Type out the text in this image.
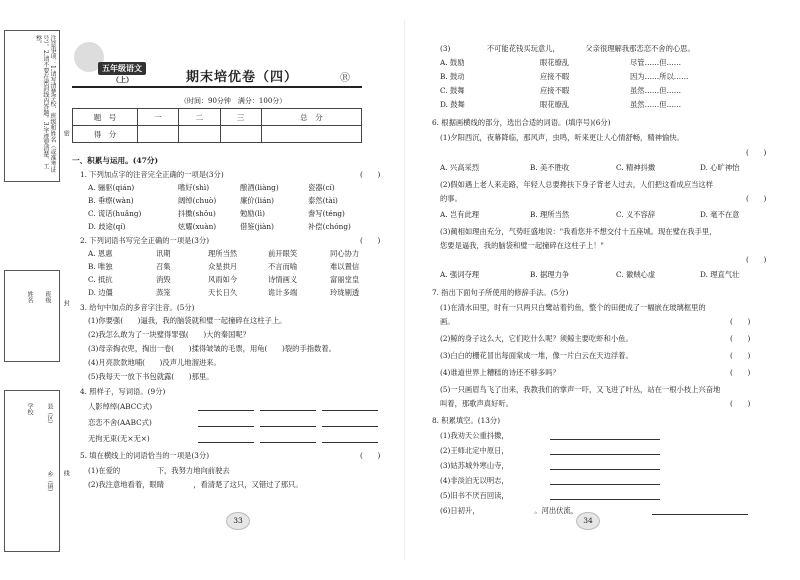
注意事项：1.请写清楚学校、班级和姓名（或准考证号）。2.请不要在密封线内答题。3.字迹要清楚、工整。
密
封
线
班级
姓名
县（区）
乡（镇）
学校
五年级语文
（上）	期末培优卷（四）	Ⓡ
（时间：90分钟　满分：100分）
题　号	一	二	三	总　分
得　分				
一、积累与运用。(47分)
1. 下列加点字的注音完全正确的一项是(3分)	(　　)
A. 骊驱(qián)	嗜好(shì)	酿酒(liàng)	瓷器(cí)
B. 垂瘵(wàn)	阔绰(chuò)	廉价(lián)	泰然(tài)
C. 谎话(huǎng)	抖擞(shǒu)	勉励(lì)	誊写(téng)
D. 歧途(qí)	炫耀(xuàn)	借鉴(jiàn)	补偿(chóng)
2. 下列词语书写完全正确的一项是(3分)	(　　)
A. 恩惠	讯期	理所当然	前开眼笑	同心协力
B. 唯独	召集	众星拱月	不言而喻	难以置信
C. 抵抗	消毁	风雨如今	诗情画义	富丽堂皇
D. 边僵	蒸笼	天长日久	诡计多端	玲珑剔透
3. 给句中加点的多音字注音。(5分)
(1)你要强(　　)逼我，我的脑袋就和璧一起撞碎在这柱子上。
(2)我怎么敢为了一块璧得罪强(　　)大的秦国呢？
(3)母亲掏衣兜，掏出一卷(　　)揉得皱皱的毛票，用龟(　　)裂的手指数着。
(4)月亮款款地哺(　　)没声儿地溜进来。
(5)我每天一放下书包就露(　　)那里。
4. 照样子，写词语。(9分)
人影绰绰(ABCC式)
恋恋不舍(AABC式)
无拘无束(无×无×)
5. 填在横线上的词语恰当的一项是(3分)	(　　)
(1)在爱的　　　　　下，我努力地向前驶去
(2)我注意地看着，眼睛　　　　，看清楚了这只，又错过了那只。
33
(3)　　　　　不可能花钱买玩意儿，　　　　父亲很理解我那恋恋不舍的心思。
A. 鼓励	眼花缭乱	尽管……但……
B. 鼓动	应接不暇	因为……所以……
C. 鼓舞	应接不暇	虽然……但……
D. 鼓舞	眼花缭乱	虽然……但……
6. 根据画横线的部分，选出合适的词语。(填序号)(6分)
(1)夕阳西沉，夜幕降临，那风声，虫鸣，听来更让人心情舒畅，精神愉快。
(　　)
A. 兴高采烈	B. 美不胜收	C. 精神抖擞	D. 心旷神怡
(2)假如遇上老人来走路，年轻人总要搀扶下身子背老人过去，人们把这看成应当这样
的事。	(　　)
A. 岂有此理	B. 理所当然	C. 义不容辞	D. 毫不在意
(3)蔺相如理由充分，气势旺盛地说："我看您并不想交付十五座城。现在璧在我手里，
您要是逼我，我的脑袋和璧一起撞碎在这柱子上！"
(　　)
A. 强词夺理	B. 据理力争	C. 徽贼心虚	D. 理直气壮
7. 指出下面句子所使用的修辞手法。(5分)
(1)在清水田里，时有一只两只白鹭站着钓鱼，整个的田便成了一幅嵌在玻璃框里的
画。	(　　)
(2)鲸的身子这么大，它们吃什么呢？须鲸主要吃虾和小鱼。	(　　)
(3)白白的栅花冒出每面棠成一堆，像一片白云在天边浮着。	(　　)
(4)谁道世界上糟糕的诗还不够多吗？	(　　)
(5)一只画眉鸟飞了出来，我教我们的掌声一吓，又飞进了叶丛，站在一根小枝上兴奋地
叫着，那歌声真好听。	(　　)
8. 积累填空。(13分)
(1)我劝天公重抖擞，
(2)王师北定中原日，
(3)姑苏城外寒山寺，
(4)非淡泊无以明志，
(5)旧书不厌百回读，
(6)日初升，　　　　　　　　。河出伏流，
34
